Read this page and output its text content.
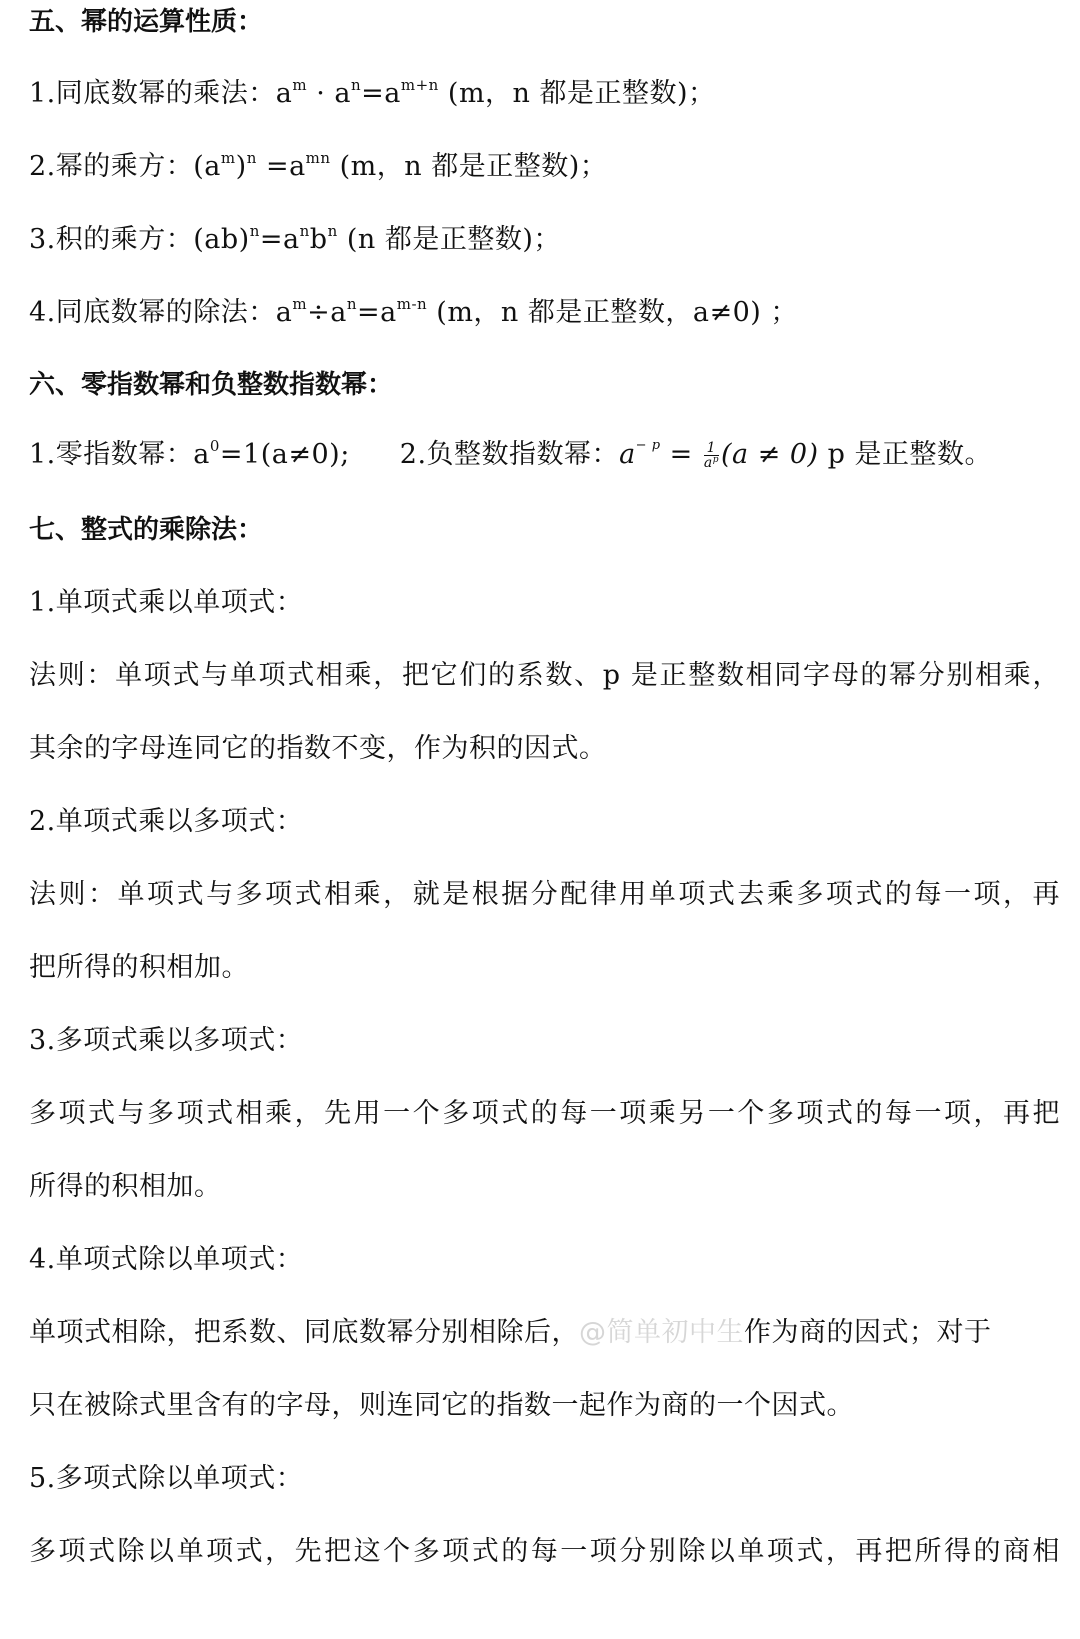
五、幂的运算性质：
1.同底数幂的乘法：$a^m \cdot a^n=a^{m+n}$ (m，n 都是正整数)；
2.幂的乘方：$(a^m)^n =a^{mn}$ (m，n 都是正整数)；
3.积的乘方：$(ab)^n=a^nb^n$ (n 都是正整数)；
4.同底数幂的除法：$a^m\div a^n=a^{m-n}$ (m，n 都是正整数，a≠0) ；
六、零指数幂和负整数指数幂：
1.零指数幂：$a^0=1(a\ne 0)$; 2.负整数指数幂：$a^{- p} = \frac{1}{a^p} (a \ne 0)$ p 是正整数。
七、整式的乘除法：
1.单项式乘以单项式：
法则：单项式与单项式相乘，把它们的系数、p 是正整数相同字母的幂分别相乘，
其余的字母连同它的指数不变，作为积的因式。
2.单项式乘以多项式：
法则：单项式与多项式相乘，就是根据分配律用单项式去乘多项式的每一项，再
把所得的积相加。
3.多项式乘以多项式：
多项式与多项式相乘，先用一个多项式的每一项乘另一个多项式的每一项，再把
所得的积相加。
4.单项式除以单项式：
单项式相除，把系数、同底数幂分别相除后，@简单初中生作为商的因式；对于
只在被除式里含有的字母，则连同它的指数一起作为商的一个因式。
5.多项式除以单项式：
多项式除以单项式，先把这个多项式的每一项分别除以单项式，再把所得的商相
